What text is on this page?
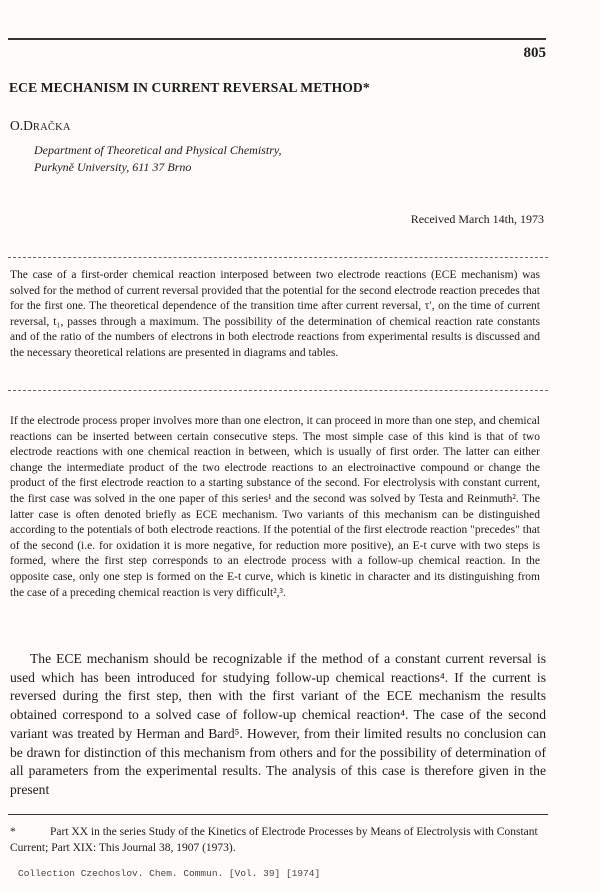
805
ECE MECHANISM IN CURRENT REVERSAL METHOD*
O.DRAČKA
Department of Theoretical and Physical Chemistry,
Purkyně University, 611 37 Brno
Received March 14th, 1973
The case of a first-order chemical reaction interposed between two electrode reactions (ECE mechanism) was solved for the method of current reversal provided that the potential for the second electrode reaction precedes that for the first one. The theoretical dependence of the transition time after current reversal, τ′, on the time of current reversal, t₁, passes through a maximum. The possibility of the determination of chemical reaction rate constants and of the ratio of the numbers of electrons in both electrode reactions from experimental results is discussed and the necessary theoretical relations are presented in diagrams and tables.
If the electrode process proper involves more than one electron, it can proceed in more than one step, and chemical reactions can be inserted between certain consecutive steps. The most simple case of this kind is that of two electrode reactions with one chemical reaction in between, which is usually of first order. The latter can either change the intermediate product of the two electrode reactions to an electroinactive compound or change the product of the first electrode reaction to a starting substance of the second. For electrolysis with constant current, the first case was solved in the one paper of this series¹ and the second was solved by Testa and Reinmuth². The latter case is often denoted briefly as ECE mechanism. Two variants of this mechanism can be distinguished according to the potentials of both electrode reactions. If the potential of the first electrode reaction "precedes" that of the second (i.e. for oxidation it is more negative, for reduction more positive), an E-t curve with two steps is formed, where the first step corresponds to an electrode process with a follow-up chemical reaction. In the opposite case, only one step is formed on the E-t curve, which is kinetic in character and its distinguishing from the case of a preceding chemical reaction is very difficult²,³.
The ECE mechanism should be recognizable if the method of a constant current reversal is used which has been introduced for studying follow-up chemical reactions⁴. If the current is reversed during the first step, then with the first variant of the ECE mechanism the results obtained correspond to a solved case of follow-up chemical reaction⁴. The case of the second variant was treated by Herman and Bard⁵. However, from their limited results no conclusion can be drawn for distinction of this mechanism from others and for the possibility of determination of all parameters from the experimental results. The analysis of this case is therefore given in the present
*	Part XX in the series Study of the Kinetics of Electrode Processes by Means of Electrolysis with Constant Current; Part XIX: This Journal 38, 1907 (1973).
Collection Czechoslov. Chem. Commun. [Vol. 39] [1974]
